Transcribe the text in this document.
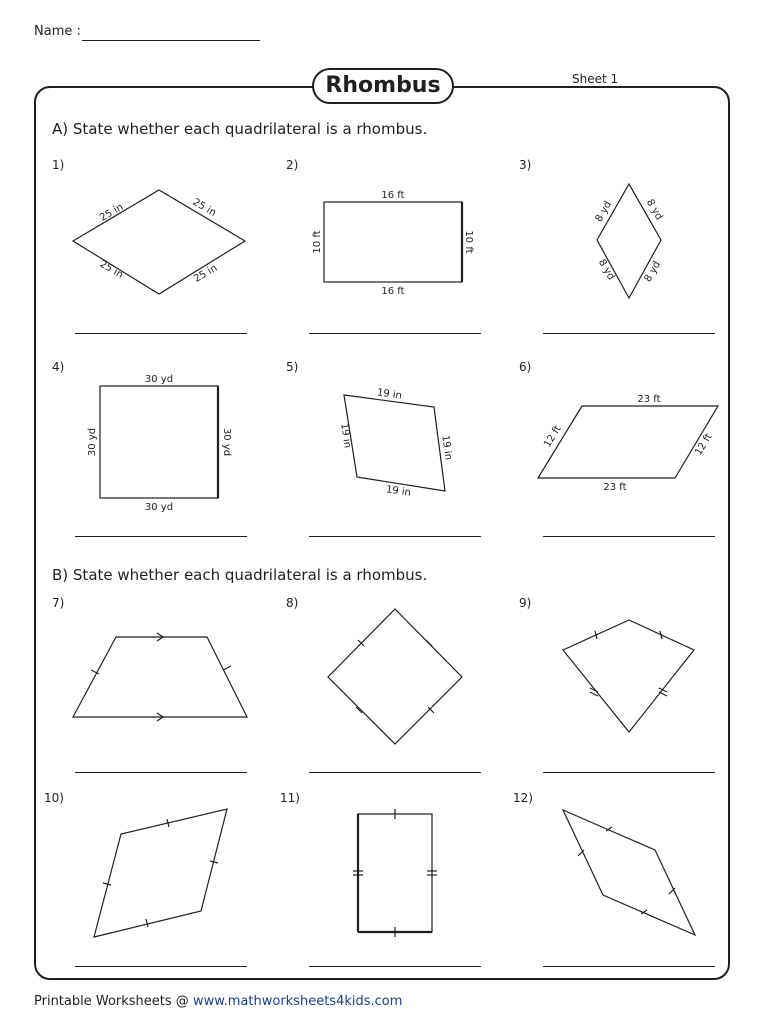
Name :
Rhombus	Sheet 1
A) State whether each quadrilateral is a rhombus.
B) State whether each quadrilateral is a rhombus.
1)	2)	3)
4)	5)	6)
7)	8)	9)
10)	11)	12)
25 in	25 in
25 in	25 in
16 ft
16 ft
10 ft	10 ft
8 yd	8 yd
8 yd	8 yd
30 yd
30 yd
30 yd	30 yd
19 in
19 in
19 in	19 in
23 ft
23 ft
12 ft	12 ft
Printable Worksheets @ www.mathworksheets4kids.com
